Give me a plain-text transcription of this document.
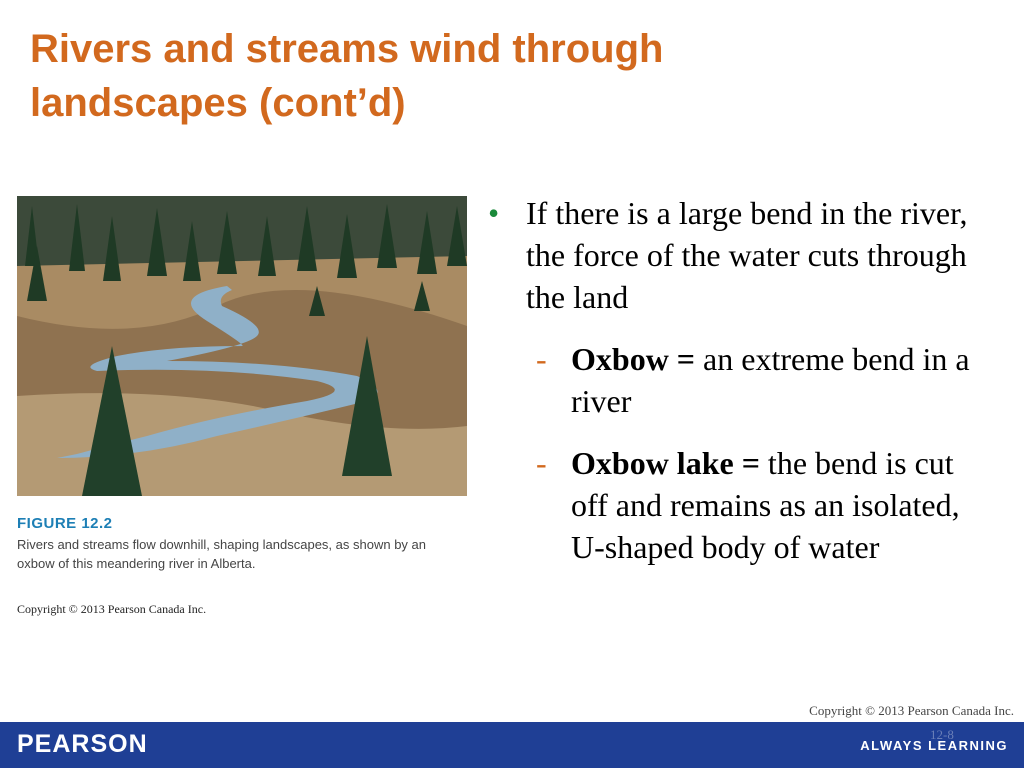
Rivers and streams wind through landscapes (cont’d)
FIGURE 12.2
Rivers and streams flow downhill, shaping landscapes, as shown by an oxbow of this meandering river in Alberta.
Copyright © 2013 Pearson Canada Inc.
• If there is a large bend in the river, the force of the water cuts through the land
- Oxbow = an extreme bend in a river
- Oxbow lake = the bend is cut off and remains as an isolated, U-shaped body of water
Copyright © 2013 Pearson Canada Inc.
PEARSON	12-8
ALWAYS LEARNING
